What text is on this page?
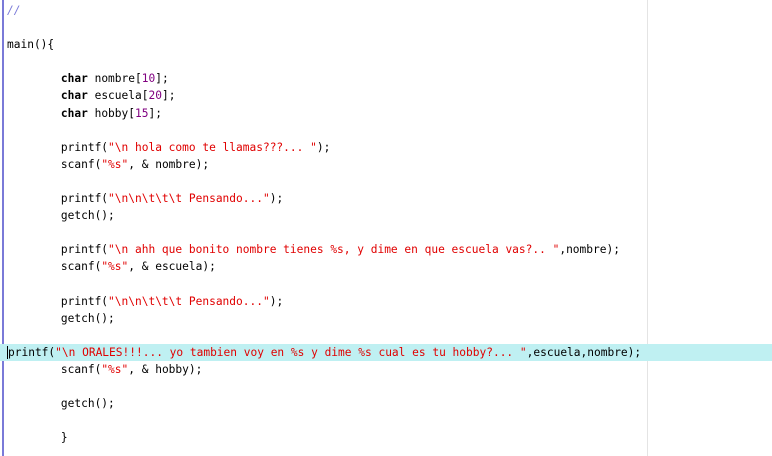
//
main(){
char nombre[10];
char escuela[20];
char hobby[15];
printf("\n hola como te llamas???... ");
scanf("%s", & nombre);
printf("\n\n\t\t\t Pensando...");
getch();
printf("\n ahh que bonito nombre tienes %s, y dime en que escuela vas?.. ",nombre);
scanf("%s", & escuela);
printf("\n\n\t\t\t Pensando...");
getch();
printf("\n ORALES!!!... yo tambien voy en %s y dime %s cual es tu hobby?... ",escuela,nombre);
scanf("%s", & hobby);
getch();
}
